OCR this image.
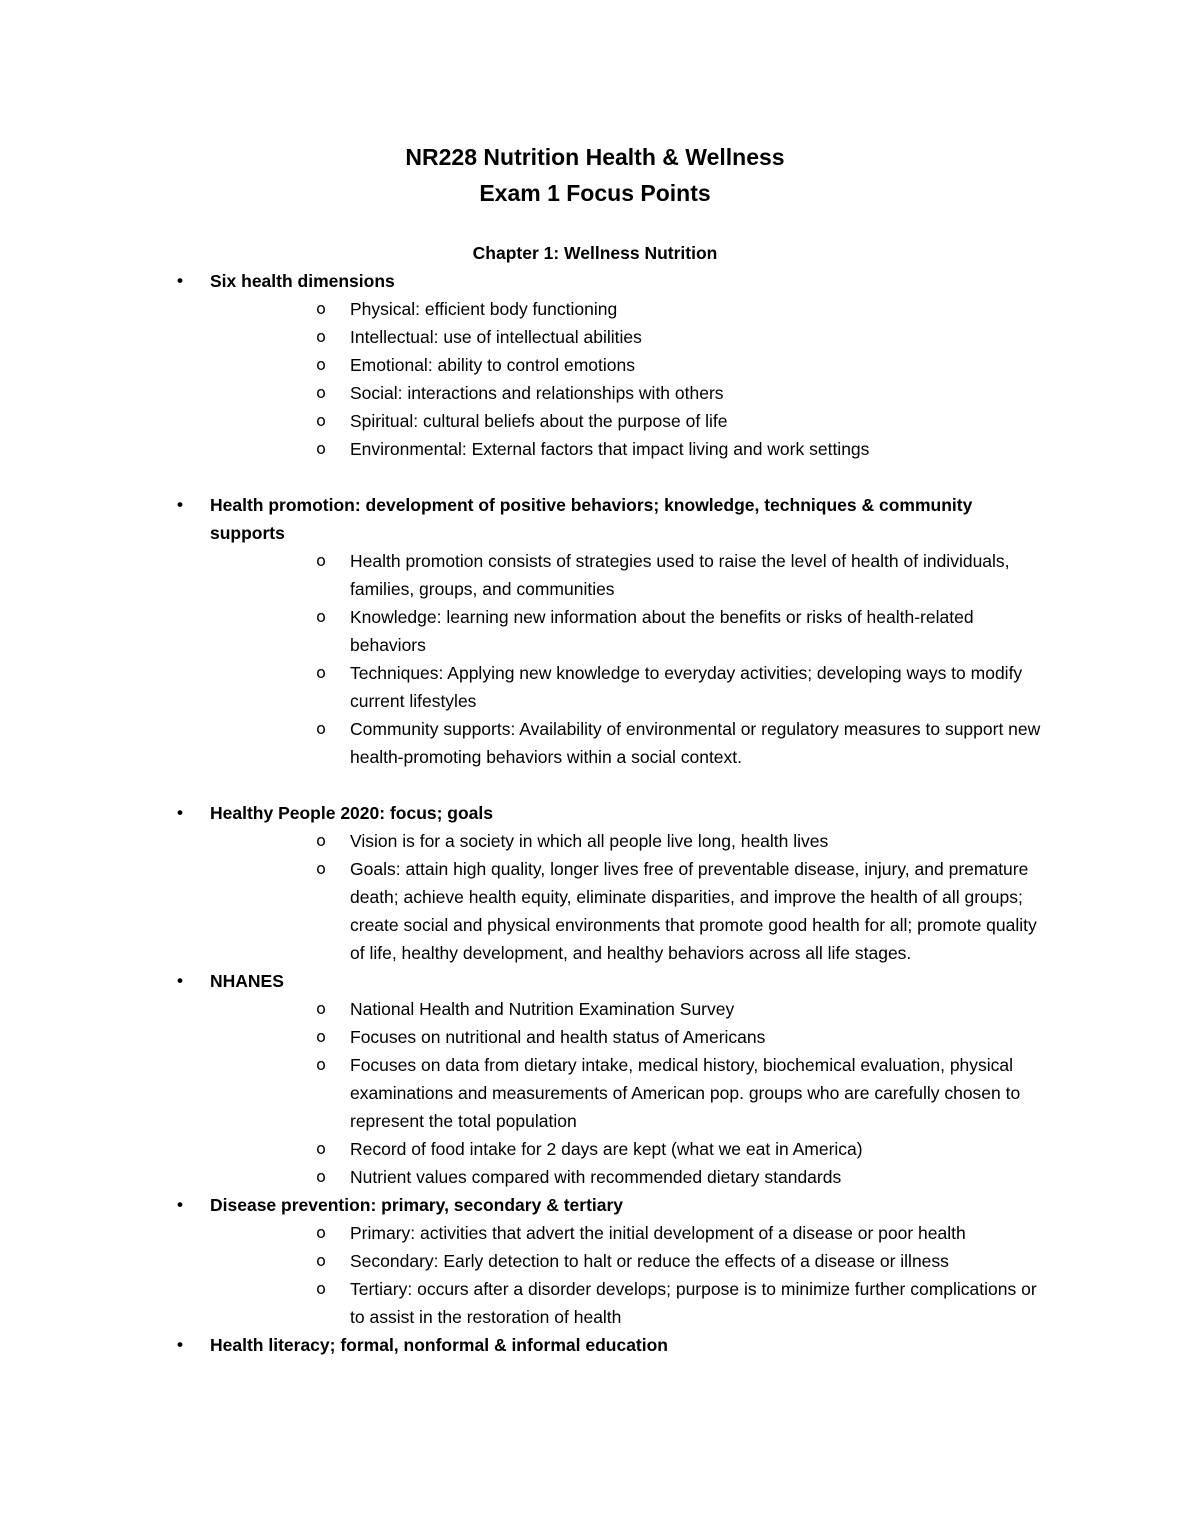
NR228 Nutrition Health & Wellness
Exam 1 Focus Points
Chapter 1: Wellness Nutrition
• Six health dimensions
o Physical: efficient body functioning
o Intellectual: use of intellectual abilities
o Emotional: ability to control emotions
o Social: interactions and relationships with others
o Spiritual: cultural beliefs about the purpose of life
o Environmental: External factors that impact living and work settings
• Health promotion: development of positive behaviors; knowledge, techniques & community supports
o Health promotion consists of strategies used to raise the level of health of individuals, families, groups, and communities
o Knowledge: learning new information about the benefits or risks of health-related behaviors
o Techniques: Applying new knowledge to everyday activities; developing ways to modify current lifestyles
o Community supports: Availability of environmental or regulatory measures to support new health-promoting behaviors within a social context.
• Healthy People 2020: focus; goals
o Vision is for a society in which all people live long, health lives
o Goals: attain high quality, longer lives free of preventable disease, injury, and premature death; achieve health equity, eliminate disparities, and improve the health of all groups; create social and physical environments that promote good health for all; promote quality of life, healthy development, and healthy behaviors across all life stages.
• NHANES
o National Health and Nutrition Examination Survey
o Focuses on nutritional and health status of Americans
o Focuses on data from dietary intake, medical history, biochemical evaluation, physical examinations and measurements of American pop. groups who are carefully chosen to represent the total population
o Record of food intake for 2 days are kept (what we eat in America)
o Nutrient values compared with recommended dietary standards
• Disease prevention: primary, secondary & tertiary
o Primary: activities that advert the initial development of a disease or poor health
o Secondary: Early detection to halt or reduce the effects of a disease or illness
o Tertiary: occurs after a disorder develops; purpose is to minimize further complications or to assist in the restoration of health
• Health literacy; formal, nonformal & informal education
